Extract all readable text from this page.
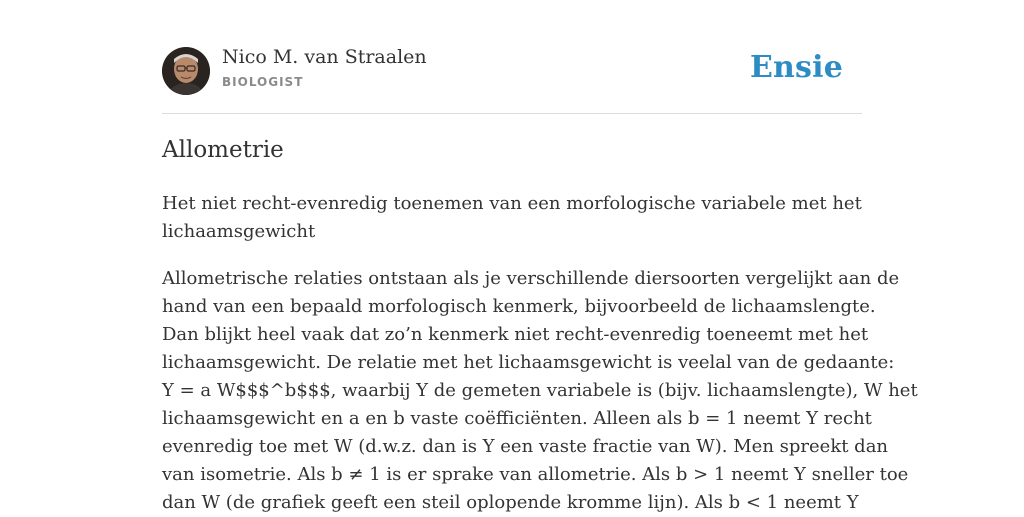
Nico M. van Straalen
BIOLOGIST	Ensie
Allometrie

Het niet recht-evenredig toenemen van een morfologische variabele met het
lichaamsgewicht

Allometrische relaties ontstaan als je verschillende diersoorten vergelijkt aan de
hand van een bepaald morfologisch kenmerk, bijvoorbeeld de lichaamslengte.
Dan blijkt heel vaak dat zo’n kenmerk niet recht-evenredig toeneemt met het
lichaamsgewicht. De relatie met het lichaamsgewicht is veelal van de gedaante:
Y = a W$$$^b$$$, waarbij Y de gemeten variabele is (bijv. lichaamslengte), W het
lichaamsgewicht en a en b vaste coëfficiënten. Alleen als b = 1 neemt Y recht
evenredig toe met W (d.w.z. dan is Y een vaste fractie van W). Men spreekt dan
van isometrie. Als b ≠ 1 is er sprake van allometrie. Als b > 1 neemt Y sneller toe
dan W (de grafiek geeft een steil oplopende kromme lijn). Als b < 1 neemt Y
